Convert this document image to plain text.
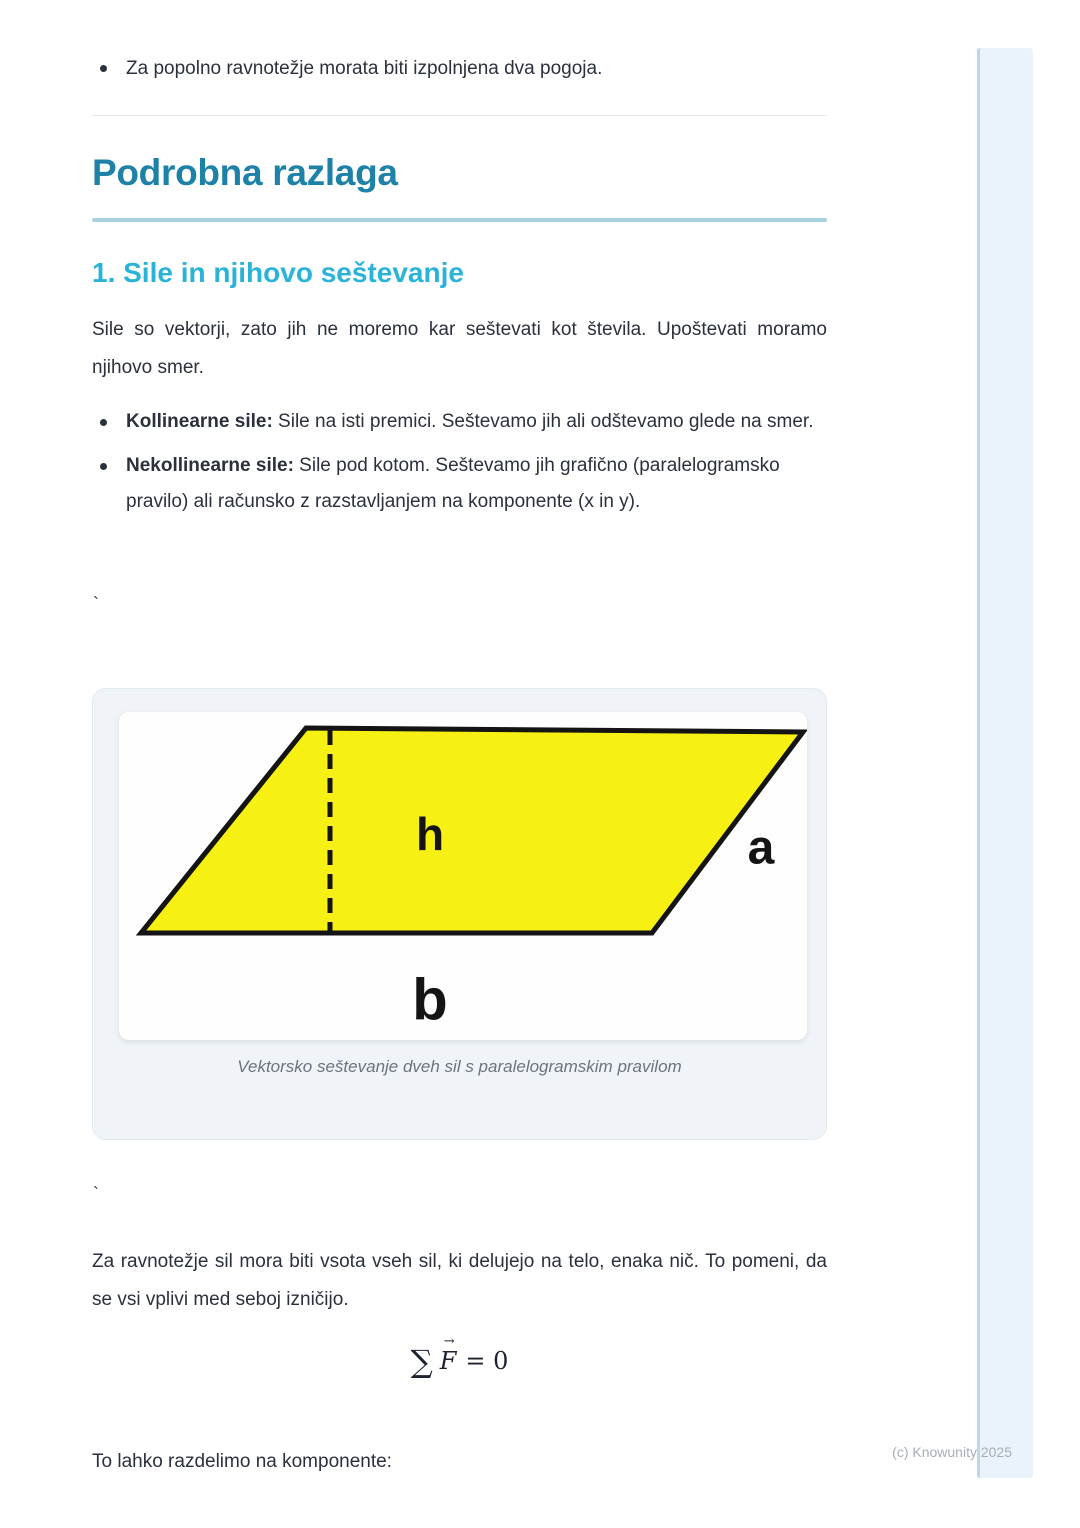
Za popolno ravnotežje morata biti izpolnjena dva pogoja.
Podrobna razlaga
1. Sile in njihovo seštevanje

Sile so vektorji, zato jih ne moremo kar seštevati kot števila. Upoštevati moramo njihovo smer.

Kollinearne sile: Sile na isti premici. Seštevamo jih ali odštevamo glede na smer.
Nekollinearne sile: Sile pod kotom. Seštevamo jih grafično (paralelogramsko pravilo) ali računsko z razstavljanjem na komponente (x in y).
`
h	a
b
Vektorsko seštevanje dveh sil s paralelogramskim pravilom
`

Za ravnotežje sil mora biti vsota vseh sil, ki delujejo na telo, enaka nič. To pomeni, da se vsi vplivi med seboj izničijo.

∑
→
F = 0

To lahko razdelimo na komponente:	(c) Knowunity 2025
